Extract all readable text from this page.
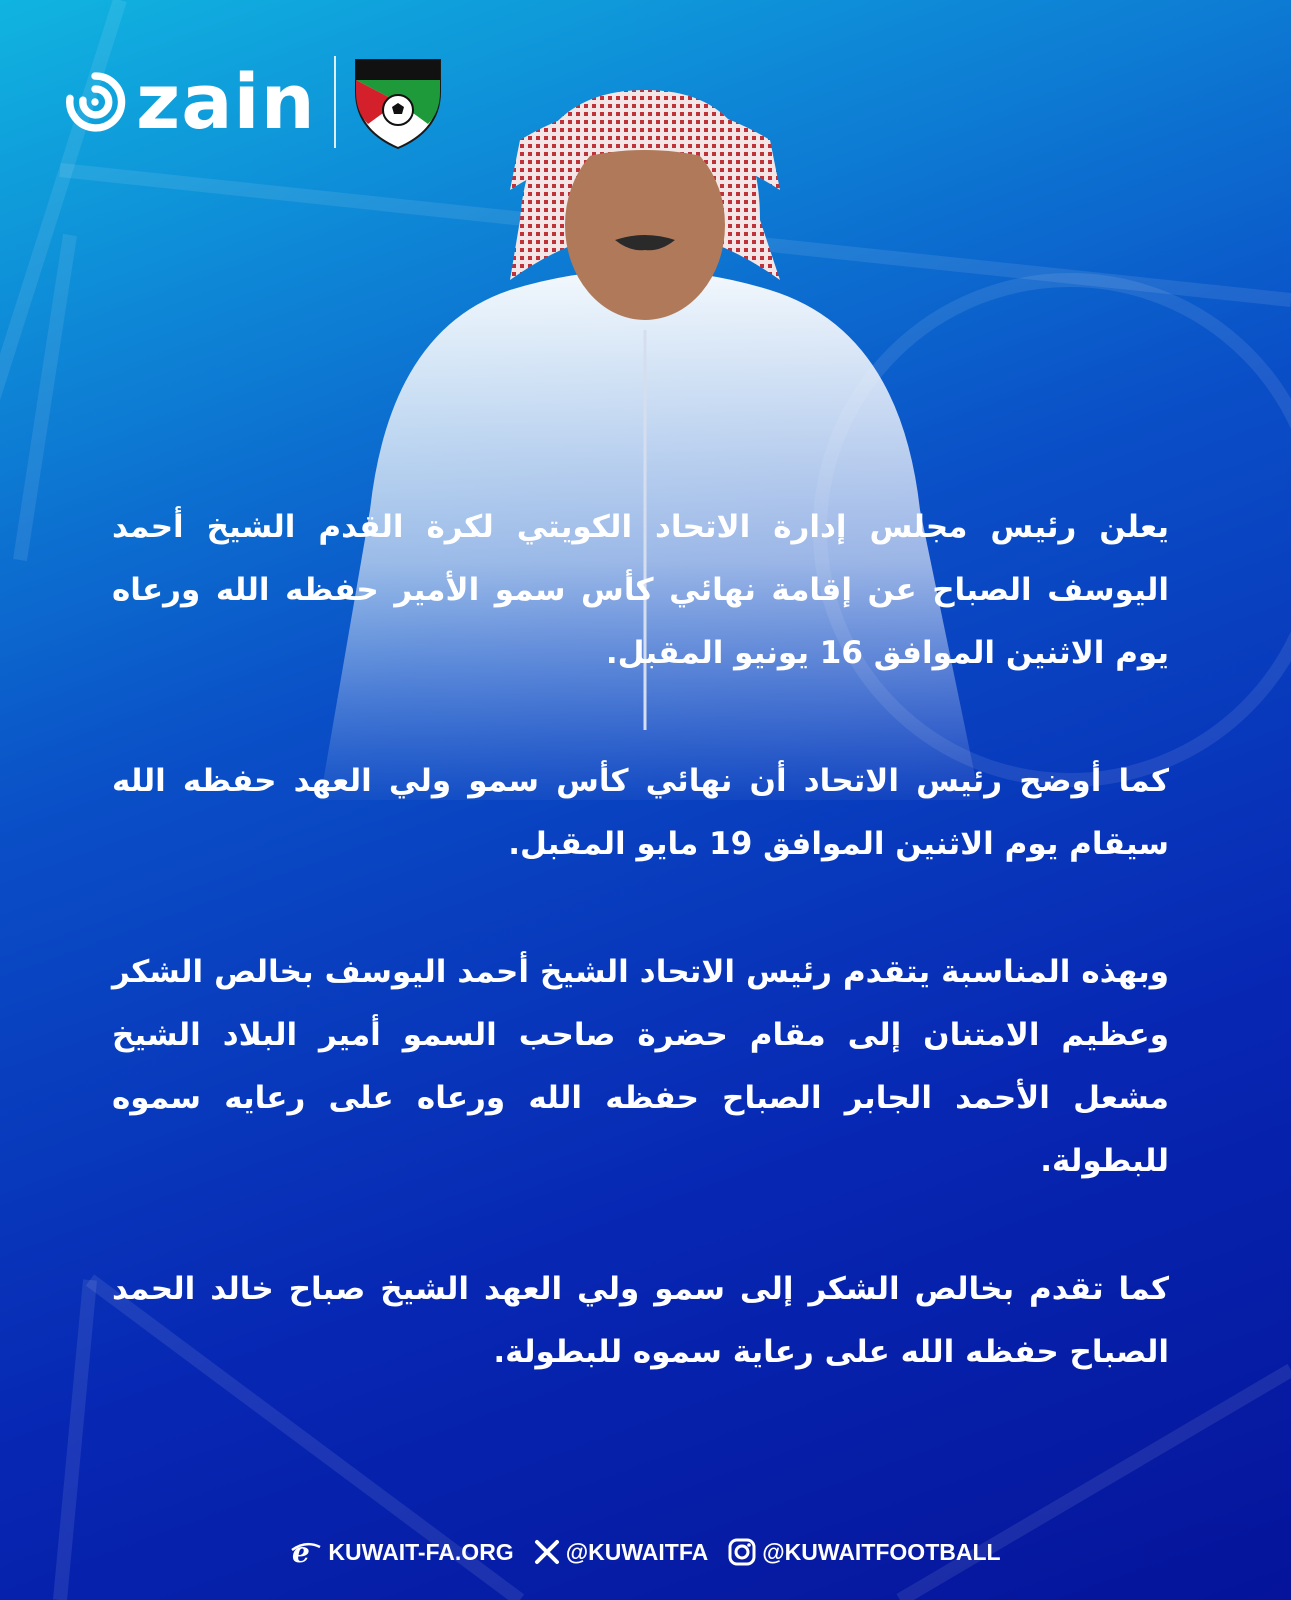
zain

يعلن رئيس مجلس إدارة الاتحاد الكويتي لكرة القدم الشيخ أحمد اليوسف الصباح عن إقامة نهائي كأس سمو الأمير حفظه الله ورعاه يوم الاثنين الموافق 16 يونيو المقبل.

كما أوضح رئيس الاتحاد أن نهائي كأس سمو ولي العهد حفظه الله سيقام يوم الاثنين الموافق 19 مايو المقبل.

وبهذه المناسبة يتقدم رئيس الاتحاد الشيخ أحمد اليوسف بخالص الشكر وعظيم الامتنان إلى مقام حضرة صاحب السمو أمير البلاد الشيخ مشعل الأحمد الجابر الصباح حفظه الله ورعاه على رعايه سموه للبطولة.

كما تقدم بخالص الشكر إلى سمو ولي العهد الشيخ صباح خالد الحمد الصباح حفظه الله على رعاية سموه للبطولة.

e KUWAIT-FA.ORG @KUWAITFA @KUWAITFOOTBALL
